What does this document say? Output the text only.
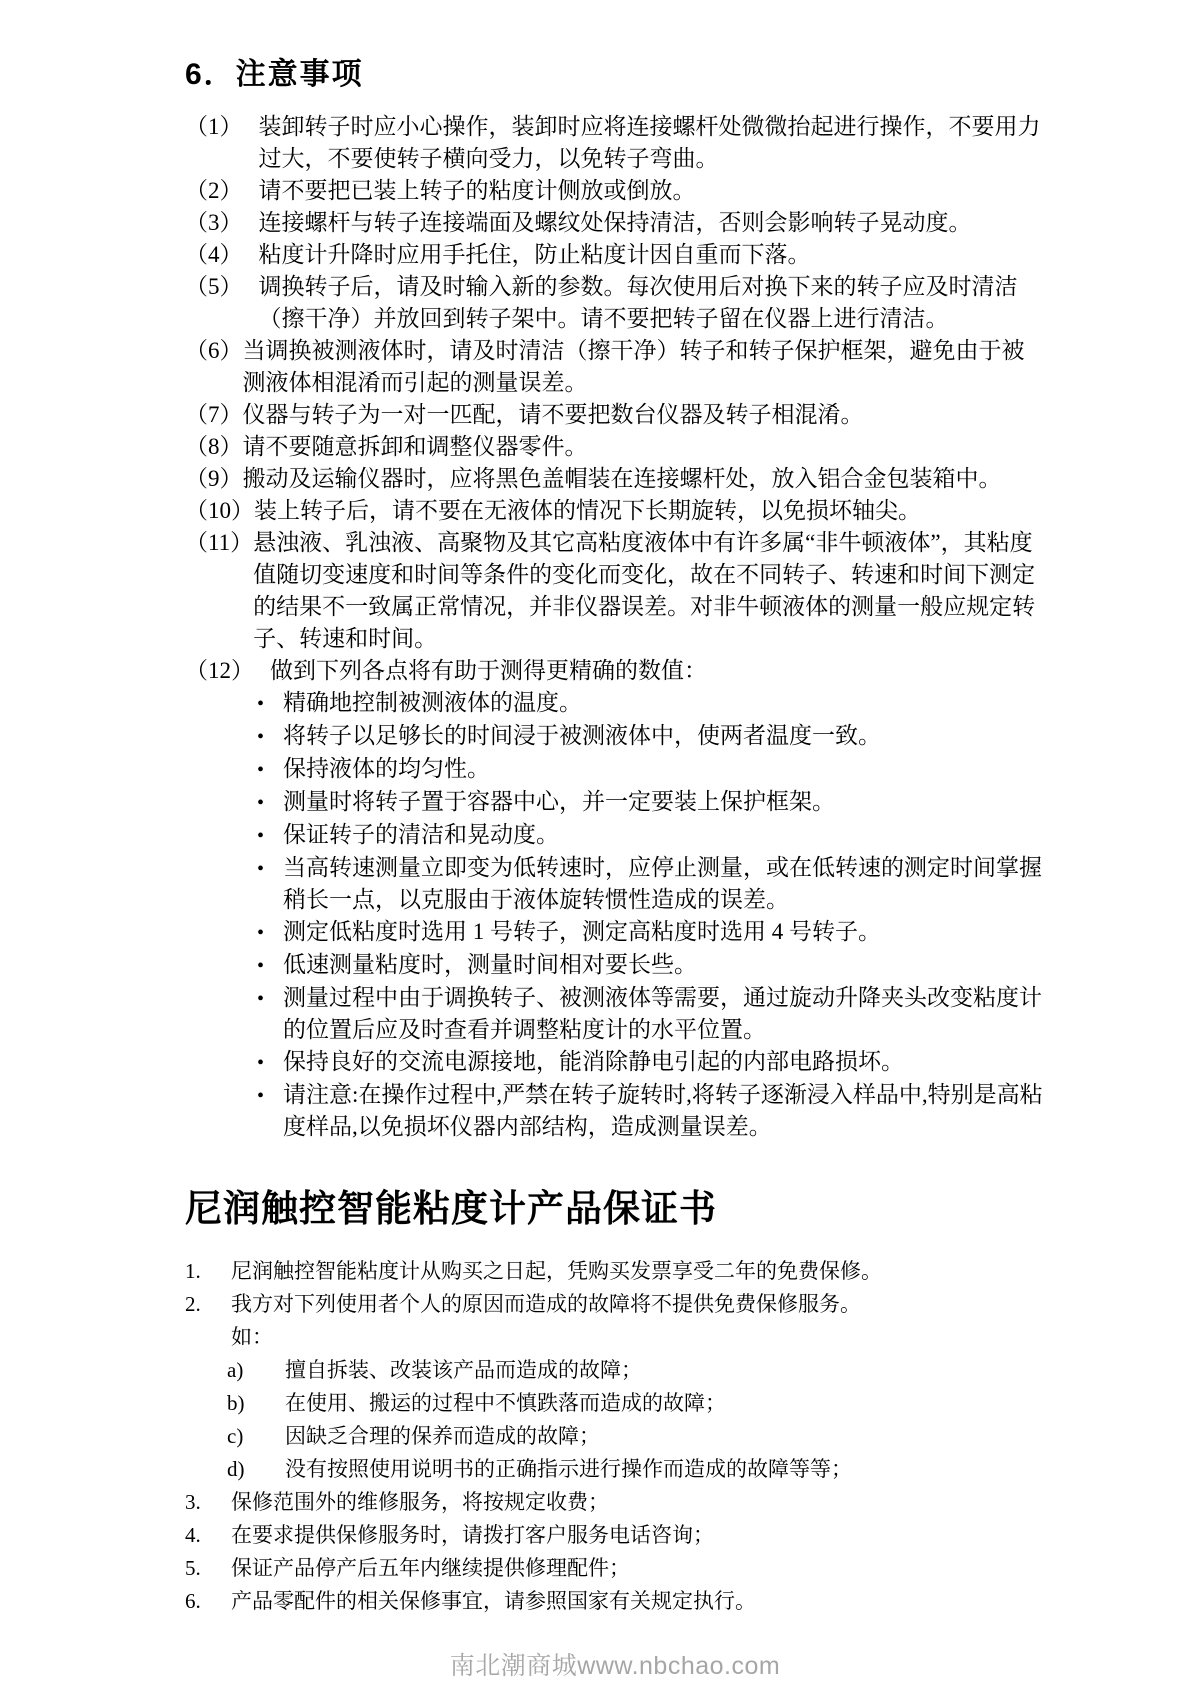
6．注意事项
（1） 装卸转子时应小心操作，装卸时应将连接螺杆处微微抬起进行操作，不要用力过大，不要使转子横向受力，以免转子弯曲。
（2） 请不要把已装上转子的粘度计侧放或倒放。
（3） 连接螺杆与转子连接端面及螺纹处保持清洁，否则会影响转子晃动度。
（4） 粘度计升降时应用手托住，防止粘度计因自重而下落。
（5） 调换转子后，请及时输入新的参数。每次使用后对换下来的转子应及时清洁（擦干净）并放回到转子架中。请不要把转子留在仪器上进行清洁。
（6） 当调换被测液体时，请及时清洁（擦干净）转子和转子保护框架，避免由于被测液体相混淆而引起的测量误差。
（7） 仪器与转子为一对一匹配，请不要把数台仪器及转子相混淆。
（8） 请不要随意拆卸和调整仪器零件。
（9） 搬动及运输仪器时，应将黑色盖帽装在连接螺杆处，放入铝合金包装箱中。
（10） 装上转子后，请不要在无液体的情况下长期旋转，以免损坏轴尖。
（11） 悬浊液、乳浊液、高聚物及其它高粘度液体中有许多属“非牛顿液体”，其粘度值随切变速度和时间等条件的变化而变化，故在不同转子、转速和时间下测定的结果不一致属正常情况，并非仪器误差。对非牛顿液体的测量一般应规定转子、转速和时间。
（12） 做到下列各点将有助于测得更精确的数值：
•
精确地控制被测液体的温度。
•
将转子以足够长的时间浸于被测液体中，使两者温度一致。
•
保持液体的均匀性。
•
测量时将转子置于容器中心，并一定要装上保护框架。
•
保证转子的清洁和晃动度。
•
当高转速测量立即变为低转速时，应停止测量，或在低转速的测定时间掌握稍长一点，以克服由于液体旋转惯性造成的误差。
•
测定低粘度时选用 1 号转子，测定高粘度时选用 4 号转子。
•
低速测量粘度时，测量时间相对要长些。
•
测量过程中由于调换转子、被测液体等需要，通过旋动升降夹头改变粘度计的位置后应及时查看并调整粘度计的水平位置。
•
保持良好的交流电源接地，能消除静电引起的内部电路损坏。
•
请注意:在操作过程中,严禁在转子旋转时,将转子逐渐浸入样品中,特别是高粘度样品,以免损坏仪器内部结构，造成测量误差。
尼润触控智能粘度计产品保证书
1.	尼润触控智能粘度计从购买之日起，凭购买发票享受二年的免费保修。
2.	我方对下列使用者个人的原因而造成的故障将不提供免费保修服务。
如：
a)	擅自拆装、改装该产品而造成的故障；
b)	在使用、搬运的过程中不慎跌落而造成的故障；
c)	因缺乏合理的保养而造成的故障；
d)	没有按照使用说明书的正确指示进行操作而造成的故障等等；
3.	保修范围外的维修服务，将按规定收费；
4.	在要求提供保修服务时，请拨打客户服务电话咨询；
5.	保证产品停产后五年内继续提供修理配件；
6.	产品零配件的相关保修事宜，请参照国家有关规定执行。
南北潮商城www.nbchao.com
